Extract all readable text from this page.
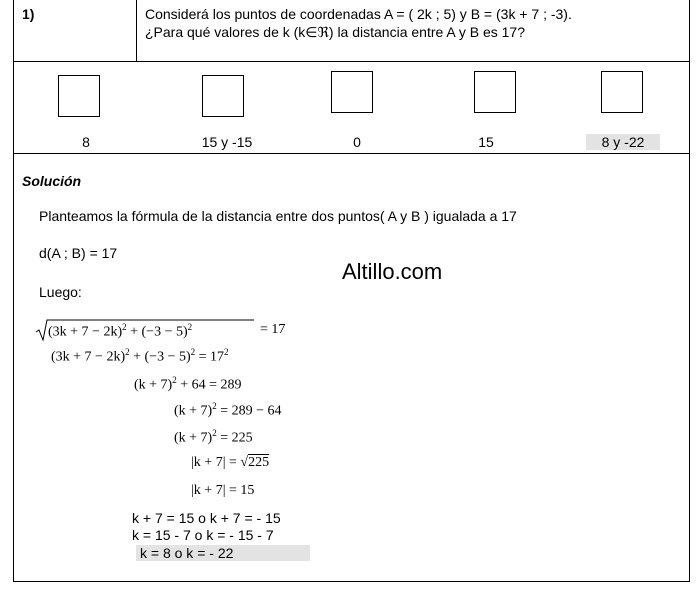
1)	Considerá los puntos de coordenadas A = ( 2k ; 5) y B = (3k + 7 ; -3).
¿Para qué valores de k (k∈ℜ) la distancia entre A y B es 17?
8	15 y -15	0	15	8 y -22
Solución
Planteamos la fórmula de la distancia entre dos puntos( A y B ) igualada a 17
d(A ; B) = 17
Luego:
Altillo.com
$(3k + 7 - 2k)^2 + (-3 - 5)^2$	= 17
$(3k + 7 - 2k)^2 + (-3 - 5)^2 = 17^2$
$(k + 7)^2 + 64 = 289$
$(k + 7)^2 = 289 - 64$
$(k + 7)^2 = 225$
|k + 7| = √225
|k + 7| = 15
k + 7 = 15 o k + 7 = - 15
k = 15 - 7 o k = - 15 - 7
k = 8 o k = - 22
